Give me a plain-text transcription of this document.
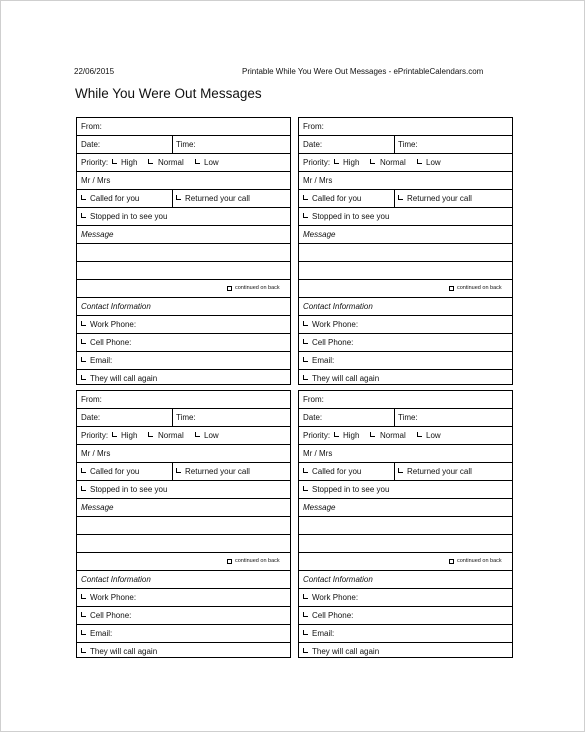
22/06/2015	Printable While You Were Out Messages - ePrintableCalendars.com
While You Were Out Messages
From:
Date:	Time:
Priority: High	Normal	Low
Mr / Mrs
Called for you	Returned your call
Stopped in to see you
Message
continued on back
Contact Information
Work Phone:
Cell Phone:
Email:
They will call again
From:
Date:	Time:
Priority: High	Normal	Low
Mr / Mrs
Called for you	Returned your call
Stopped in to see you
Message
continued on back
Contact Information
Work Phone:
Cell Phone:
Email:
They will call again
From:
Date:	Time:
Priority: High	Normal	Low
Mr / Mrs
Called for you	Returned your call
Stopped in to see you
Message
continued on back
Contact Information
Work Phone:
Cell Phone:
Email:
They will call again
From:
Date:	Time:
Priority: High	Normal	Low
Mr / Mrs
Called for you	Returned your call
Stopped in to see you
Message
continued on back
Contact Information
Work Phone:
Cell Phone:
Email:
They will call again
